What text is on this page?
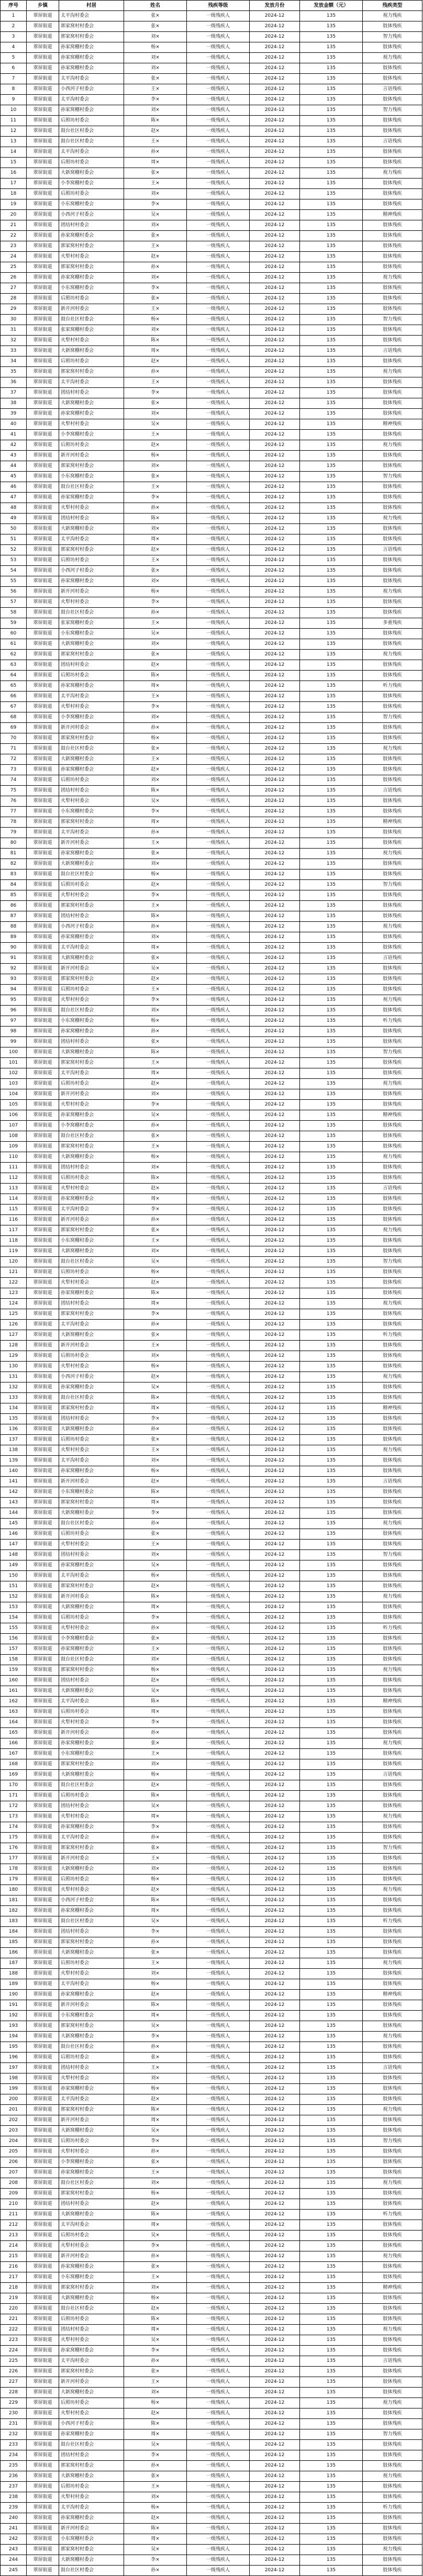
序号	乡镇	村居	姓名	残疾等级	发放月份	发放金额（元）	残疾类型
1	翠屏街道	太平沟村委会	张×	一级残疾人	2024-12	135	视力残疾
2	翠屏街道	郭家窝村村委会	张×	一级残疾人	2024-12	135	肢体残疾
3	翠屏街道	郭家窝村村委会	刘×	一级残疾人	2024-12	135	智力残疾
4	翠屏街道	孙家窝棚村委会	杨×	一级残疾人	2024-12	135	肢体残疾
5	翠屏街道	孙家窝棚村委会	刘×	一级残疾人	2024-12	135	视力残疾
6	翠屏街道	孙家窝棚村委会	刘×	一级残疾人	2024-12	135	肢体残疾
7	翠屏街道	太平沟村委会	张×	一级残疾人	2024-12	135	肢体残疾
8	翠屏街道	小西河子村委会	王×	一级残疾人	2024-12	135	言语残疾
9	翠屏街道	太平沟村委会	李×	一级残疾人	2024-12	135	肢体残疾
10	翠屏街道	孙家窝棚村委会	刘×	一级残疾人	2024-12	135	智力残疾
11	翠屏街道	后照坊村委会	陈×	一级残疾人	2024-12	135	肢体残疾
12	翠屏街道	鼓台社区村委会	赵×	一级残疾人	2024-12	135	肢体残疾
13	翠屏街道	鼓台社区村委会	王×	一级残疾人	2024-12	135	言语残疾
14	翠屏街道	太平沟村委会	孙×	一级残疾人	2024-12	135	肢体残疾
15	翠屏街道	后照坊村委会	周×	一级残疾人	2024-12	135	肢体残疾
16	翠屏街道	大新窝棚村委会	张×	一级残疾人	2024-12	135	视力残疾
17	翠屏街道	小李窝棚村委会	王×	一级残疾人	2024-12	135	肢体残疾
18	翠屏街道	后照坊村委会	刘×	一级残疾人	2024-12	135	肢体残疾
19	翠屏街道	小东窝棚村委会	李×	一级残疾人	2024-12	135	肢体残疾
20	翠屏街道	小西河子村委会	吴×	一级残疾人	2024-12	135	精神残疾
21	翠屏街道	团结村村委会	刘×	一级残疾人	2024-12	135	肢体残疾
22	翠屏街道	孙家窝棚村委会	张×	一级残疾人	2024-12	135	肢体残疾
23	翠屏街道	郭家窝村村委会	王×	一级残疾人	2024-12	135	肢体残疾
24	翠屏街道	火犁村村委会	赵×	一级残疾人	2024-12	135	肢体残疾
25	翠屏街道	郭家窝村村委会	孙×	一级残疾人	2024-12	135	肢体残疾
26	翠屏街道	孙家窝棚村委会	刘×	一级残疾人	2024-12	135	视力残疾
27	翠屏街道	小东窝棚村委会	李×	一级残疾人	2024-12	135	肢体残疾
28	翠屏街道	后照坊村委会	张×	一级残疾人	2024-12	135	肢体残疾
29	翠屏街道	新开河村委会	王×	一级残疾人	2024-12	135	肢体残疾
30	翠屏街道	鼓台社区村委会	杨×	一级残疾人	2024-12	135	智力残疾
31	翠屏街道	张家窝棚村委会	刘×	一级残疾人	2024-12	135	肢体残疾
32	翠屏街道	火犁村村委会	陈×	一级残疾人	2024-12	135	肢体残疾
33	翠屏街道	大新窝棚村委会	周×	一级残疾人	2024-12	135	言语残疾
34	翠屏街道	后照坊村委会	赵×	一级残疾人	2024-12	135	肢体残疾
35	翠屏街道	郭家窝村村委会	孙×	一级残疾人	2024-12	135	视力残疾
36	翠屏街道	太平沟村委会	王×	一级残疾人	2024-12	135	肢体残疾
37	翠屏街道	团结村村委会	李×	一级残疾人	2024-12	135	肢体残疾
38	翠屏街道	大新窝棚村委会	张×	一级残疾人	2024-12	135	肢体残疾
39	翠屏街道	孙家窝棚村委会	刘×	一级残疾人	2024-12	135	肢体残疾
40	翠屏街道	火犁村村委会	吴×	一级残疾人	2024-12	135	精神残疾
41	翠屏街道	小李窝棚村委会	王×	一级残疾人	2024-12	135	肢体残疾
42	翠屏街道	后照坊村委会	赵×	一级残疾人	2024-12	135	视力残疾
43	翠屏街道	新开河村委会	杨×	一级残疾人	2024-12	135	肢体残疾
44	翠屏街道	郭家窝村村委会	刘×	一级残疾人	2024-12	135	肢体残疾
45	翠屏街道	小东窝棚村委会	张×	一级残疾人	2024-12	135	智力残疾
46	翠屏街道	鼓台社区村委会	王×	一级残疾人	2024-12	135	肢体残疾
47	翠屏街道	孙家窝棚村委会	李×	一级残疾人	2024-12	135	肢体残疾
48	翠屏街道	火犁村村委会	孙×	一级残疾人	2024-12	135	肢体残疾
49	翠屏街道	团结村村委会	陈×	一级残疾人	2024-12	135	视力残疾
50	翠屏街道	大新窝棚村委会	刘×	一级残疾人	2024-12	135	肢体残疾
51	翠屏街道	太平沟村委会	周×	一级残疾人	2024-12	135	肢体残疾
52	翠屏街道	郭家窝村村委会	赵×	一级残疾人	2024-12	135	言语残疾
53	翠屏街道	后照坊村委会	王×	一级残疾人	2024-12	135	肢体残疾
54	翠屏街道	小西河子村委会	张×	一级残疾人	2024-12	135	肢体残疾
55	翠屏街道	孙家窝棚村委会	刘×	一级残疾人	2024-12	135	肢体残疾
56	翠屏街道	新开河村委会	杨×	一级残疾人	2024-12	135	视力残疾
57	翠屏街道	火犁村村委会	李×	一级残疾人	2024-12	135	肢体残疾
58	翠屏街道	鼓台社区村委会	孙×	一级残疾人	2024-12	135	肢体残疾
59	翠屏街道	张家窝棚村委会	王×	一级残疾人	2024-12	135	多重残疾
60	翠屏街道	小东窝棚村委会	吴×	一级残疾人	2024-12	135	肢体残疾
61	翠屏街道	大新窝棚村委会	刘×	一级残疾人	2024-12	135	肢体残疾
62	翠屏街道	郭家窝村村委会	张×	一级残疾人	2024-12	135	视力残疾
63	翠屏街道	团结村村委会	赵×	一级残疾人	2024-12	135	肢体残疾
64	翠屏街道	后照坊村委会	陈×	一级残疾人	2024-12	135	肢体残疾
65	翠屏街道	孙家窝棚村委会	周×	一级残疾人	2024-12	135	听力残疾
66	翠屏街道	太平沟村委会	王×	一级残疾人	2024-12	135	肢体残疾
67	翠屏街道	火犁村村委会	李×	一级残疾人	2024-12	135	肢体残疾
68	翠屏街道	小李窝棚村委会	刘×	一级残疾人	2024-12	135	智力残疾
69	翠屏街道	新开河村委会	孙×	一级残疾人	2024-12	135	肢体残疾
70	翠屏街道	郭家窝村村委会	杨×	一级残疾人	2024-12	135	肢体残疾
71	翠屏街道	鼓台社区村委会	张×	一级残疾人	2024-12	135	视力残疾
72	翠屏街道	大新窝棚村委会	王×	一级残疾人	2024-12	135	肢体残疾
73	翠屏街道	孙家窝棚村委会	赵×	一级残疾人	2024-12	135	肢体残疾
74	翠屏街道	后照坊村委会	刘×	一级残疾人	2024-12	135	肢体残疾
75	翠屏街道	团结村村委会	陈×	一级残疾人	2024-12	135	言语残疾
76	翠屏街道	火犁村村委会	吴×	一级残疾人	2024-12	135	肢体残疾
77	翠屏街道	小东窝棚村委会	李×	一级残疾人	2024-12	135	肢体残疾
78	翠屏街道	郭家窝村村委会	周×	一级残疾人	2024-12	135	精神残疾
79	翠屏街道	太平沟村委会	孙×	一级残疾人	2024-12	135	肢体残疾
80	翠屏街道	新开河村委会	王×	一级残疾人	2024-12	135	肢体残疾
81	翠屏街道	孙家窝棚村委会	张×	一级残疾人	2024-12	135	视力残疾
82	翠屏街道	大新窝棚村委会	刘×	一级残疾人	2024-12	135	肢体残疾
83	翠屏街道	鼓台社区村委会	杨×	一级残疾人	2024-12	135	肢体残疾
84	翠屏街道	后照坊村委会	赵×	一级残疾人	2024-12	135	智力残疾
85	翠屏街道	火犁村村委会	李×	一级残疾人	2024-12	135	肢体残疾
86	翠屏街道	郭家窝村村委会	王×	一级残疾人	2024-12	135	肢体残疾
87	翠屏街道	团结村村委会	陈×	一级残疾人	2024-12	135	肢体残疾
88	翠屏街道	小西河子村委会	孙×	一级残疾人	2024-12	135	视力残疾
89	翠屏街道	孙家窝棚村委会	刘×	一级残疾人	2024-12	135	肢体残疾
90	翠屏街道	太平沟村委会	周×	一级残疾人	2024-12	135	肢体残疾
91	翠屏街道	大新窝棚村委会	张×	一级残疾人	2024-12	135	言语残疾
92	翠屏街道	新开河村委会	吴×	一级残疾人	2024-12	135	肢体残疾
93	翠屏街道	郭家窝村村委会	赵×	一级残疾人	2024-12	135	肢体残疾
94	翠屏街道	后照坊村委会	王×	一级残疾人	2024-12	135	肢体残疾
95	翠屏街道	火犁村村委会	李×	一级残疾人	2024-12	135	视力残疾
96	翠屏街道	鼓台社区村委会	刘×	一级残疾人	2024-12	135	肢体残疾
97	翠屏街道	小东窝棚村委会	杨×	一级残疾人	2024-12	135	听力残疾
98	翠屏街道	孙家窝棚村委会	孙×	一级残疾人	2024-12	135	肢体残疾
99	翠屏街道	团结村村委会	张×	一级残疾人	2024-12	135	肢体残疾
100	翠屏街道	大新窝棚村委会	陈×	一级残疾人	2024-12	135	智力残疾
101	翠屏街道	郭家窝村村委会	王×	一级残疾人	2024-12	135	肢体残疾
102	翠屏街道	太平沟村委会	周×	一级残疾人	2024-12	135	肢体残疾
103	翠屏街道	后照坊村委会	赵×	一级残疾人	2024-12	135	视力残疾
104	翠屏街道	新开河村委会	刘×	一级残疾人	2024-12	135	肢体残疾
105	翠屏街道	火犁村村委会	李×	一级残疾人	2024-12	135	肢体残疾
106	翠屏街道	孙家窝棚村委会	吴×	一级残疾人	2024-12	135	精神残疾
107	翠屏街道	小李窝棚村委会	孙×	一级残疾人	2024-12	135	肢体残疾
108	翠屏街道	鼓台社区村委会	张×	一级残疾人	2024-12	135	肢体残疾
109	翠屏街道	郭家窝村村委会	王×	一级残疾人	2024-12	135	肢体残疾
110	翠屏街道	大新窝棚村委会	杨×	一级残疾人	2024-12	135	视力残疾
111	翠屏街道	团结村村委会	刘×	一级残疾人	2024-12	135	肢体残疾
112	翠屏街道	后照坊村委会	陈×	一级残疾人	2024-12	135	肢体残疾
113	翠屏街道	火犁村村委会	赵×	一级残疾人	2024-12	135	言语残疾
114	翠屏街道	孙家窝棚村委会	周×	一级残疾人	2024-12	135	肢体残疾
115	翠屏街道	太平沟村委会	李×	一级残疾人	2024-12	135	肢体残疾
116	翠屏街道	新开河村委会	孙×	一级残疾人	2024-12	135	肢体残疾
117	翠屏街道	郭家窝村村委会	张×	一级残疾人	2024-12	135	视力残疾
118	翠屏街道	小东窝棚村委会	王×	一级残疾人	2024-12	135	肢体残疾
119	翠屏街道	大新窝棚村委会	刘×	一级残疾人	2024-12	135	肢体残疾
120	翠屏街道	鼓台社区村委会	吴×	一级残疾人	2024-12	135	智力残疾
121	翠屏街道	后照坊村委会	杨×	一级残疾人	2024-12	135	肢体残疾
122	翠屏街道	火犁村村委会	赵×	一级残疾人	2024-12	135	肢体残疾
123	翠屏街道	孙家窝棚村委会	陈×	一级残疾人	2024-12	135	肢体残疾
124	翠屏街道	团结村村委会	周×	一级残疾人	2024-12	135	视力残疾
125	翠屏街道	郭家窝村村委会	李×	一级残疾人	2024-12	135	肢体残疾
126	翠屏街道	太平沟村委会	孙×	一级残疾人	2024-12	135	肢体残疾
127	翠屏街道	大新窝棚村委会	张×	一级残疾人	2024-12	135	听力残疾
128	翠屏街道	新开河村委会	王×	一级残疾人	2024-12	135	肢体残疾
129	翠屏街道	后照坊村委会	刘×	一级残疾人	2024-12	135	肢体残疾
130	翠屏街道	火犁村村委会	杨×	一级残疾人	2024-12	135	肢体残疾
131	翠屏街道	小西河子村委会	赵×	一级残疾人	2024-12	135	视力残疾
132	翠屏街道	孙家窝棚村委会	吴×	一级残疾人	2024-12	135	肢体残疾
133	翠屏街道	鼓台社区村委会	陈×	一级残疾人	2024-12	135	肢体残疾
134	翠屏街道	郭家窝村村委会	周×	一级残疾人	2024-12	135	精神残疾
135	翠屏街道	团结村村委会	李×	一级残疾人	2024-12	135	肢体残疾
136	翠屏街道	大新窝棚村委会	孙×	一级残疾人	2024-12	135	肢体残疾
137	翠屏街道	后照坊村委会	张×	一级残疾人	2024-12	135	肢体残疾
138	翠屏街道	火犁村村委会	王×	一级残疾人	2024-12	135	视力残疾
139	翠屏街道	太平沟村委会	刘×	一级残疾人	2024-12	135	肢体残疾
140	翠屏街道	孙家窝棚村委会	杨×	一级残疾人	2024-12	135	肢体残疾
141	翠屏街道	新开河村委会	赵×	一级残疾人	2024-12	135	言语残疾
142	翠屏街道	小东窝棚村委会	陈×	一级残疾人	2024-12	135	肢体残疾
143	翠屏街道	郭家窝村村委会	周×	一级残疾人	2024-12	135	肢体残疾
144	翠屏街道	大新窝棚村委会	李×	一级残疾人	2024-12	135	肢体残疾
145	翠屏街道	鼓台社区村委会	孙×	一级残疾人	2024-12	135	视力残疾
146	翠屏街道	后照坊村委会	张×	一级残疾人	2024-12	135	肢体残疾
147	翠屏街道	火犁村村委会	王×	一级残疾人	2024-12	135	肢体残疾
148	翠屏街道	团结村村委会	刘×	一级残疾人	2024-12	135	智力残疾
149	翠屏街道	孙家窝棚村委会	吴×	一级残疾人	2024-12	135	肢体残疾
150	翠屏街道	太平沟村委会	杨×	一级残疾人	2024-12	135	肢体残疾
151	翠屏街道	郭家窝村村委会	赵×	一级残疾人	2024-12	135	肢体残疾
152	翠屏街道	新开河村委会	陈×	一级残疾人	2024-12	135	视力残疾
153	翠屏街道	大新窝棚村委会	周×	一级残疾人	2024-12	135	肢体残疾
154	翠屏街道	后照坊村委会	李×	一级残疾人	2024-12	135	肢体残疾
155	翠屏街道	火犁村村委会	孙×	一级残疾人	2024-12	135	听力残疾
156	翠屏街道	小李窝棚村委会	张×	一级残疾人	2024-12	135	肢体残疾
157	翠屏街道	孙家窝棚村委会	王×	一级残疾人	2024-12	135	肢体残疾
158	翠屏街道	鼓台社区村委会	刘×	一级残疾人	2024-12	135	肢体残疾
159	翠屏街道	郭家窝村村委会	杨×	一级残疾人	2024-12	135	视力残疾
160	翠屏街道	团结村村委会	赵×	一级残疾人	2024-12	135	肢体残疾
161	翠屏街道	大新窝棚村委会	吴×	一级残疾人	2024-12	135	肢体残疾
162	翠屏街道	太平沟村委会	陈×	一级残疾人	2024-12	135	精神残疾
163	翠屏街道	后照坊村委会	周×	一级残疾人	2024-12	135	肢体残疾
164	翠屏街道	火犁村村委会	李×	一级残疾人	2024-12	135	肢体残疾
165	翠屏街道	新开河村委会	孙×	一级残疾人	2024-12	135	肢体残疾
166	翠屏街道	孙家窝棚村委会	张×	一级残疾人	2024-12	135	视力残疾
167	翠屏街道	小东窝棚村委会	王×	一级残疾人	2024-12	135	肢体残疾
168	翠屏街道	郭家窝村村委会	刘×	一级残疾人	2024-12	135	肢体残疾
169	翠屏街道	大新窝棚村委会	杨×	一级残疾人	2024-12	135	言语残疾
170	翠屏街道	鼓台社区村委会	赵×	一级残疾人	2024-12	135	肢体残疾
171	翠屏街道	后照坊村委会	陈×	一级残疾人	2024-12	135	肢体残疾
172	翠屏街道	团结村村委会	吴×	一级残疾人	2024-12	135	肢体残疾
173	翠屏街道	火犁村村委会	周×	一级残疾人	2024-12	135	视力残疾
174	翠屏街道	孙家窝棚村委会	李×	一级残疾人	2024-12	135	肢体残疾
175	翠屏街道	太平沟村委会	孙×	一级残疾人	2024-12	135	肢体残疾
176	翠屏街道	郭家窝村村委会	张×	一级残疾人	2024-12	135	智力残疾
177	翠屏街道	新开河村委会	王×	一级残疾人	2024-12	135	肢体残疾
178	翠屏街道	大新窝棚村委会	刘×	一级残疾人	2024-12	135	肢体残疾
179	翠屏街道	后照坊村委会	杨×	一级残疾人	2024-12	135	肢体残疾
180	翠屏街道	火犁村村委会	赵×	一级残疾人	2024-12	135	视力残疾
181	翠屏街道	小西河子村委会	陈×	一级残疾人	2024-12	135	肢体残疾
182	翠屏街道	孙家窝棚村委会	周×	一级残疾人	2024-12	135	肢体残疾
183	翠屏街道	鼓台社区村委会	吴×	一级残疾人	2024-12	135	听力残疾
184	翠屏街道	团结村村委会	李×	一级残疾人	2024-12	135	肢体残疾
185	翠屏街道	郭家窝村村委会	孙×	一级残疾人	2024-12	135	肢体残疾
186	翠屏街道	大新窝棚村委会	张×	一级残疾人	2024-12	135	肢体残疾
187	翠屏街道	后照坊村委会	王×	一级残疾人	2024-12	135	视力残疾
188	翠屏街道	火犁村村委会	刘×	一级残疾人	2024-12	135	肢体残疾
189	翠屏街道	太平沟村委会	杨×	一级残疾人	2024-12	135	肢体残疾
190	翠屏街道	孙家窝棚村委会	赵×	一级残疾人	2024-12	135	精神残疾
191	翠屏街道	新开河村委会	陈×	一级残疾人	2024-12	135	肢体残疾
192	翠屏街道	小东窝棚村委会	周×	一级残疾人	2024-12	135	肢体残疾
193	翠屏街道	郭家窝村村委会	吴×	一级残疾人	2024-12	135	肢体残疾
194	翠屏街道	大新窝棚村委会	李×	一级残疾人	2024-12	135	视力残疾
195	翠屏街道	鼓台社区村委会	孙×	一级残疾人	2024-12	135	肢体残疾
196	翠屏街道	后照坊村委会	张×	一级残疾人	2024-12	135	肢体残疾
197	翠屏街道	团结村村委会	王×	一级残疾人	2024-12	135	言语残疾
198	翠屏街道	火犁村村委会	刘×	一级残疾人	2024-12	135	肢体残疾
199	翠屏街道	孙家窝棚村委会	杨×	一级残疾人	2024-12	135	肢体残疾
200	翠屏街道	太平沟村委会	赵×	一级残疾人	2024-12	135	肢体残疾
201	翠屏街道	郭家窝村村委会	陈×	一级残疾人	2024-12	135	视力残疾
202	翠屏街道	新开河村委会	周×	一级残疾人	2024-12	135	肢体残疾
203	翠屏街道	大新窝棚村委会	吴×	一级残疾人	2024-12	135	肢体残疾
204	翠屏街道	后照坊村委会	李×	一级残疾人	2024-12	135	智力残疾
205	翠屏街道	火犁村村委会	孙×	一级残疾人	2024-12	135	肢体残疾
206	翠屏街道	小李窝棚村委会	张×	一级残疾人	2024-12	135	肢体残疾
207	翠屏街道	孙家窝棚村委会	王×	一级残疾人	2024-12	135	肢体残疾
208	翠屏街道	鼓台社区村委会	刘×	一级残疾人	2024-12	135	视力残疾
209	翠屏街道	郭家窝村村委会	杨×	一级残疾人	2024-12	135	肢体残疾
210	翠屏街道	团结村村委会	赵×	一级残疾人	2024-12	135	肢体残疾
211	翠屏街道	大新窝棚村委会	陈×	一级残疾人	2024-12	135	听力残疾
212	翠屏街道	太平沟村委会	周×	一级残疾人	2024-12	135	肢体残疾
213	翠屏街道	后照坊村委会	吴×	一级残疾人	2024-12	135	肢体残疾
214	翠屏街道	火犁村村委会	李×	一级残疾人	2024-12	135	肢体残疾
215	翠屏街道	新开河村委会	孙×	一级残疾人	2024-12	135	视力残疾
216	翠屏街道	孙家窝棚村委会	张×	一级残疾人	2024-12	135	肢体残疾
217	翠屏街道	小东窝棚村委会	王×	一级残疾人	2024-12	135	肢体残疾
218	翠屏街道	郭家窝村村委会	刘×	一级残疾人	2024-12	135	精神残疾
219	翠屏街道	大新窝棚村委会	杨×	一级残疾人	2024-12	135	肢体残疾
220	翠屏街道	鼓台社区村委会	赵×	一级残疾人	2024-12	135	肢体残疾
221	翠屏街道	后照坊村委会	陈×	一级残疾人	2024-12	135	肢体残疾
222	翠屏街道	团结村村委会	周×	一级残疾人	2024-12	135	视力残疾
223	翠屏街道	火犁村村委会	吴×	一级残疾人	2024-12	135	肢体残疾
224	翠屏街道	孙家窝棚村委会	李×	一级残疾人	2024-12	135	肢体残疾
225	翠屏街道	太平沟村委会	孙×	一级残疾人	2024-12	135	言语残疾
226	翠屏街道	郭家窝村村委会	张×	一级残疾人	2024-12	135	肢体残疾
227	翠屏街道	新开河村委会	王×	一级残疾人	2024-12	135	肢体残疾
228	翠屏街道	大新窝棚村委会	刘×	一级残疾人	2024-12	135	肢体残疾
229	翠屏街道	后照坊村委会	杨×	一级残疾人	2024-12	135	视力残疾
230	翠屏街道	火犁村村委会	赵×	一级残疾人	2024-12	135	肢体残疾
231	翠屏街道	小西河子村委会	陈×	一级残疾人	2024-12	135	肢体残疾
232	翠屏街道	孙家窝棚村委会	周×	一级残疾人	2024-12	135	智力残疾
233	翠屏街道	鼓台社区村委会	吴×	一级残疾人	2024-12	135	肢体残疾
234	翠屏街道	团结村村委会	李×	一级残疾人	2024-12	135	肢体残疾
235	翠屏街道	郭家窝村村委会	孙×	一级残疾人	2024-12	135	肢体残疾
236	翠屏街道	大新窝棚村委会	张×	一级残疾人	2024-12	135	视力残疾
237	翠屏街道	后照坊村委会	王×	一级残疾人	2024-12	135	肢体残疾
238	翠屏街道	火犁村村委会	刘×	一级残疾人	2024-12	135	肢体残疾
239	翠屏街道	太平沟村委会	杨×	一级残疾人	2024-12	135	听力残疾
240	翠屏街道	孙家窝棚村委会	赵×	一级残疾人	2024-12	135	肢体残疾
241	翠屏街道	新开河村委会	陈×	一级残疾人	2024-12	135	肢体残疾
242	翠屏街道	小东窝棚村委会	周×	一级残疾人	2024-12	135	肢体残疾
243	翠屏街道	郭家窝村村委会	吴×	一级残疾人	2024-12	135	视力残疾
244	翠屏街道	大新窝棚村委会	李×	一级残疾人	2024-12	135	肢体残疾
245	翠屏街道	鼓台社区村委会	孙×	一级残疾人	2024-12	135	肢体残疾
